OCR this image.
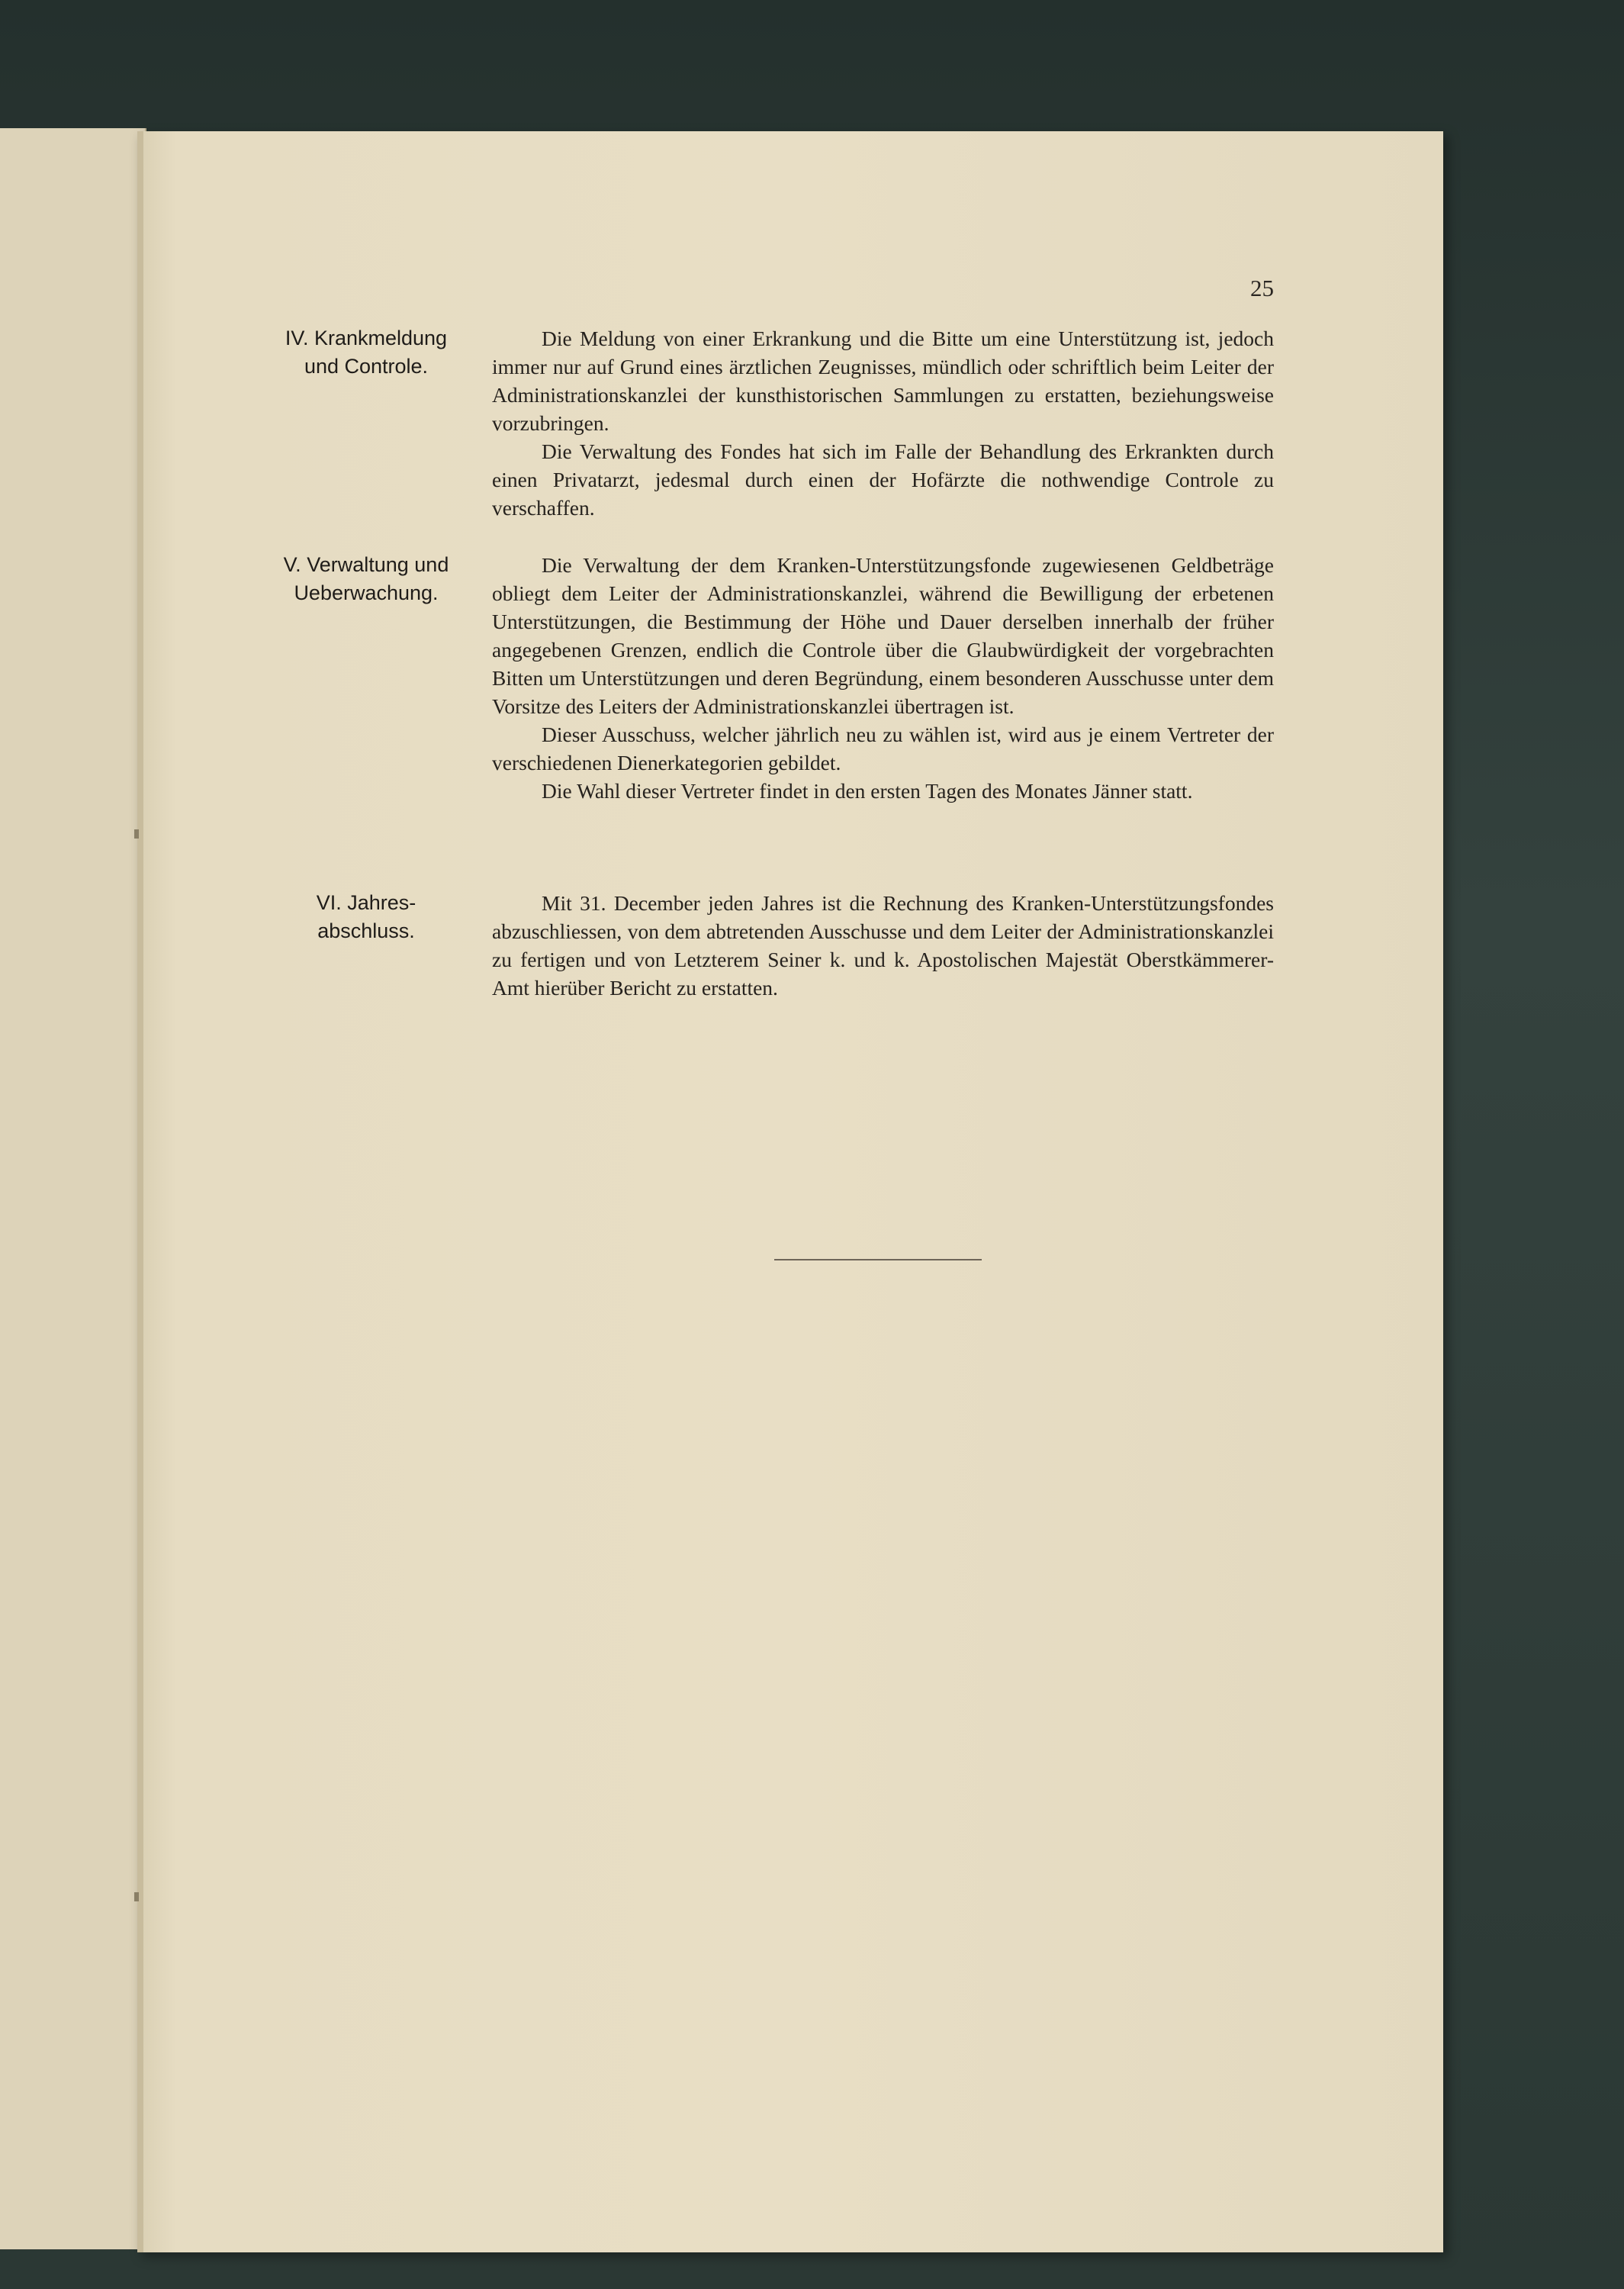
25
IV. Krankmeldung
und Controle.

Die Meldung von einer Erkrankung und die Bitte um eine Unterstützung ist, jedoch immer nur auf Grund eines ärztlichen Zeugnisses, mündlich oder schriftlich beim Leiter der Administrationskanzlei der kunsthistorischen Sammlungen zu erstatten, beziehungsweise vorzubringen.

Die Verwaltung des Fondes hat sich im Falle der Behandlung des Erkrankten durch einen Privatarzt, jedesmal durch einen der Hofärzte die nothwendige Controle zu verschaffen.

V. Verwaltung und
Ueberwachung.

Die Verwaltung der dem Kranken-Unterstützungsfonde zugewiesenen Geldbeträge obliegt dem Leiter der Administrationskanzlei, während die Bewilligung der erbetenen Unterstützungen, die Bestimmung der Höhe und Dauer derselben innerhalb der früher angegebenen Grenzen, endlich die Controle über die Glaubwürdigkeit der vorgebrachten Bitten um Unterstützungen und deren Begründung, einem besonderen Ausschusse unter dem Vorsitze des Leiters der Administrationskanzlei übertragen ist.

Dieser Ausschuss, welcher jährlich neu zu wählen ist, wird aus je einem Vertreter der verschiedenen Dienerkategorien gebildet.

Die Wahl dieser Vertreter findet in den ersten Tagen des Monates Jänner statt.

VI. Jahres-
abschluss.

Mit 31. December jeden Jahres ist die Rechnung des Kranken-Unterstützungsfondes abzuschliessen, von dem abtretenden Ausschusse und dem Leiter der Administrationskanzlei zu fertigen und von Letzterem Seiner k. und k. Apostolischen Majestät Oberstkämmerer-Amt hierüber Bericht zu erstatten.
